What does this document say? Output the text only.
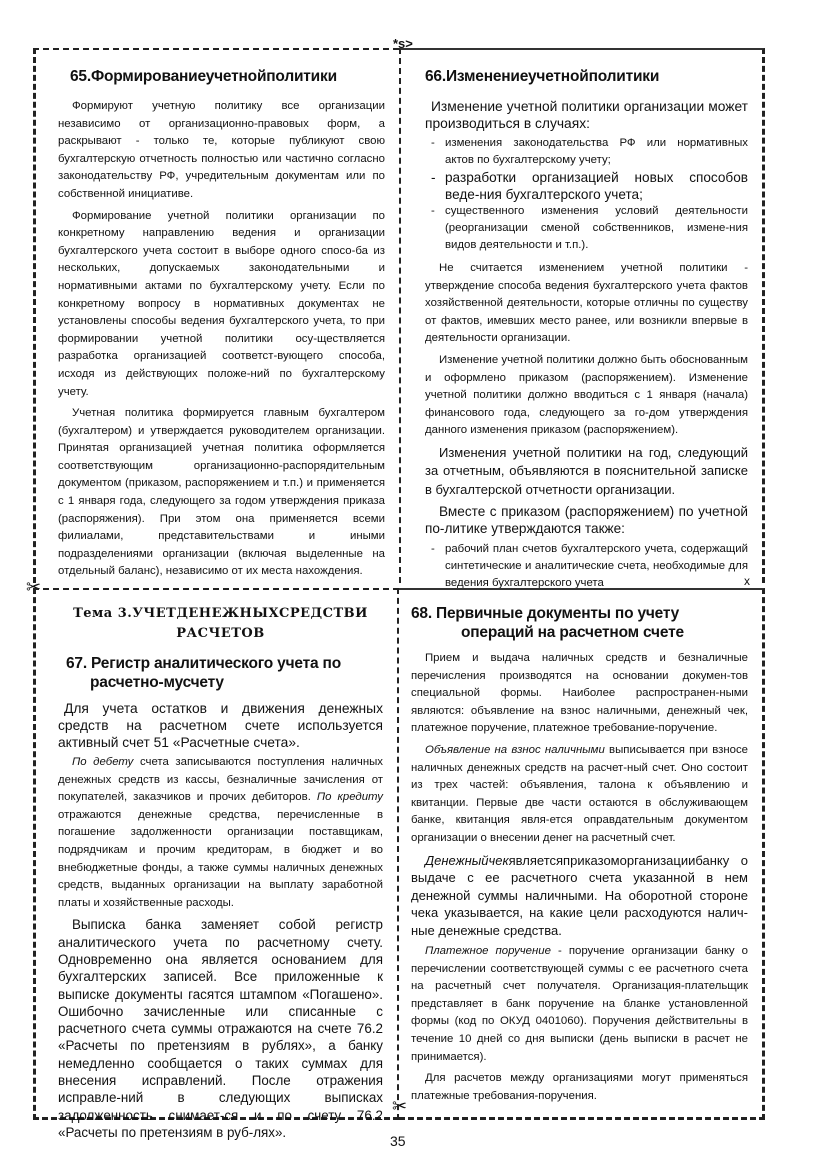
*s>
✂
✂
x
65.Формированиеучетнойполитики

Формируют учетную политику все организации независимо от организационно-правовых форм, а раскрывают - только те, которые публикуют свою бухгалтерскую отчетность полностью или частично согласно законодательству РФ, учредительным документам или по собственной инициативе.

Формирование учетной политики организации по конкретному направлению ведения и организации бухгалтерского учета состоит в выборе одного спосо-ба из нескольких, допускаемых законодательными и нормативными актами по бухгалтерскому учету. Если по конкретному вопросу в нормативных документах не установлены способы ведения бухгалтерского учета, то при формировании учетной политики осу-ществляется разработка организацией соответст-вующего способа, исходя из действующих положе-ний по бухгалтерскому учету.

Учетная политика формируется главным бухгалтером (бухгалтером) и утверждается руководителем организации. Принятая организацией учетная политика оформляется соответствующим организационно-распорядительным документом (приказом, распоряжением и т.п.) и применяется с 1 января года, следующего за годом утверждения приказа (распоряжения). При этом она применяется всеми филиалами, представительствами и иными подразделениями организации (включая выделенные на отдельный баланс), независимо от их места нахождения.

66.Изменениеучетнойполитики

Изменение учетной политики организации может производиться в случаях:

- изменения законодательства РФ или нормативных актов по бухгалтерскому учету;
- разработки организацией новых способов веде-ния бухгалтерского учета;
- существенного изменения условий деятельности (реорганизации сменой собственников, измене-ния видов деятельности и т.п.).

Не считается изменением учетной политики - утверждение способа ведения бухгалтерского учета фактов хозяйственной деятельности, которые отличны по существу от фактов, имевших место ранее, или возникли впервые в деятельности организации.

Изменение учетной политики должно быть обоснованным и оформлено приказом (распоряжением). Изменение учетной политики должно вводиться с 1 января (начала) финансового года, следующего за го-дом утверждения данного изменения приказом (распоряжением).

Изменения учетной политики на год, следующий за отчетным, объявляются в пояснительной записке в бухгалтерской отчетности организации.

Вместе с приказом (распоряжением) по учетной по-литике утверждаются также:

- рабочий план счетов бухгалтерского учета, содержащий синтетические и аналитические счета, необходимые для ведения бухгалтерского учета
Тема 3.УЧЕТДЕНЕЖНЫХСРЕДСТВИ
РАСЧЕТОВ
67. Регистр аналитического учета по
расчетно-мусчету

Для учета остатков и движения денежных средств на расчетном счете используется активный счет 51 «Расчетные счета».

По дебету счета записываются поступления наличных денежных средств из кассы, безналичные зачисления от покупателей, заказчиков и прочих дебиторов. По кредиту отражаются денежные средства, перечисленные в погашение задолженности организации поставщикам, подрядчикам и прочим кредиторам, в бюджет и во внебюджетные фонды, а также суммы наличных денежных средств, выданных организации на выплату заработной платы и хозяйственные расходы.

Выписка банка заменяет собой регистр аналитического учета по расчетному счету. Одновременно она является основанием для бухгалтерских записей. Все приложенные к выписке документы гасятся штампом «Погашено». Ошибочно зачисленные или списанные с расчетного счета суммы отражаются на счете 76.2 «Расчеты по претензиям в рублях», а банку немедленно сообщается о таких суммах для внесения исправлений. После отражения исправле-ний в следующих выписках задолженность снимает-ся и по счету 76.2 «Расчеты по претензиям в руб-лях».

68. Первичные документы по учету
операций на расчетном счете

Прием и выдача наличных средств и безналичные перечисления производятся на основании докумен-тов специальной формы. Наиболее распространен-ными являются: объявление на взнос наличными, денежный чек, платежное поручение, платежное требование-поручение.

Объявление на взнос наличными выписывается при взносе наличных денежных средств на расчет-ный счет. Оно состоит из трех частей: объявления, талона к объявлению и квитанции. Первые две части остаются в обслуживающем банке, квитанция явля-ется оправдательным документом организации о внесении денег на расчетный счет.

Денежныйчекявляетсяприказоморганизациибанку о выдаче с ее расчетного счета указанной в нем денежной суммы наличными. На оборотной стороне чека указывается, на какие цели расходуются налич-ные денежные средства.

Платежное поручение - поручение организации банку о перечислении соответствующей суммы с ее расчетного счета на расчетный счет получателя. Организация-плательщик представляет в банк поручение на бланке установленной формы (код по ОКУД 0401060). Поручения действительны в течение 10 дней со дня выписки (день выписки в расчет не принимается).

Для расчетов между организациями могут применяться платежные требования-поручения.

35
